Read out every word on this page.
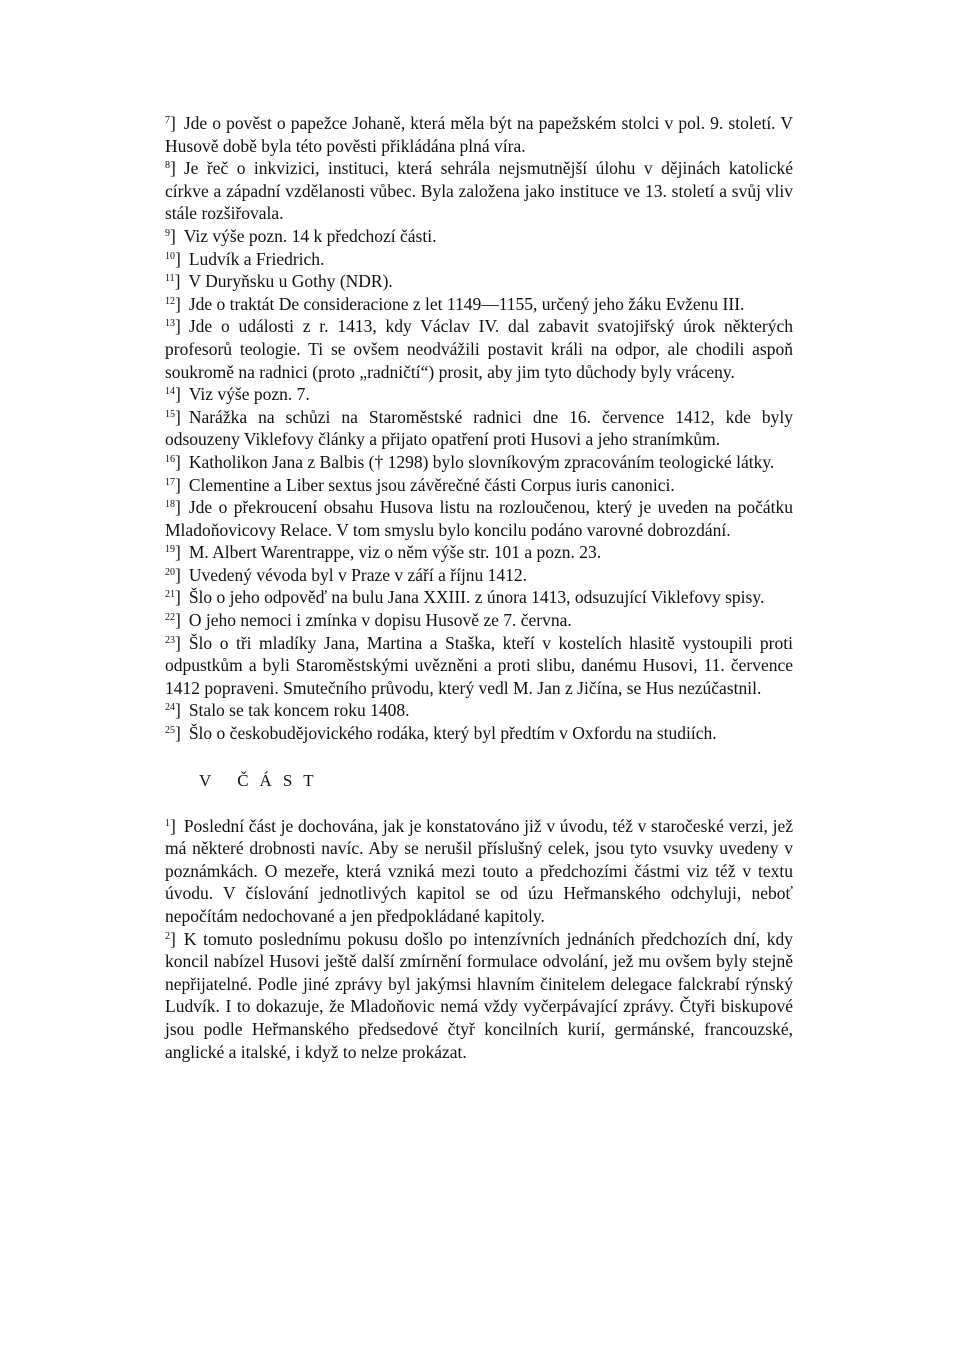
$^7$] Jde o pověst o papežce Johaně, která měla být na papežském stolci v pol. 9. století. V Husově době byla této pověsti přikládána plná víra.

$^8$] Je řeč o inkvizici, instituci, která sehrála nejsmutnější úlohu v dějinách katolické církve a západní vzdělanosti vůbec. Byla založena jako instituce ve 13. století a svůj vliv stále rozšiřovala.

$^9$] Viz výše pozn. 14 k předchozí části.

$^{10}$] Ludvík a Friedrich.

$^{11}$] V Duryňsku u Gothy (NDR).

$^{12}$] Jde o traktát De consideracione z let 1149—1155, určený jeho žáku Evženu III.

$^{13}$] Jde o události z r. 1413, kdy Václav IV. dal zabavit svatojiřský úrok některých profesorů teologie. Ti se ovšem neodvážili postavit králi na odpor, ale chodili aspoň soukromě na radnici (proto „radničtí“) prosit, aby jim tyto důchody byly vráceny.

$^{14}$] Viz výše pozn. 7.

$^{15}$] Narážka na schůzi na Staroměstské radnici dne 16. července 1412, kde byly odsouzeny Viklefovy články a přijato opatření proti Husovi a jeho stranímkům.

$^{16}$] Katholikon Jana z Balbis († 1298) bylo slovníkovým zpracováním teologické látky.

$^{17}$] Clementine a Liber sextus jsou závěrečné části Corpus iuris canonici.

$^{18}$] Jde o překroucení obsahu Husova listu na rozloučenou, který je uveden na počátku Mladoňovicovy Relace. V tom smyslu bylo koncilu podáno varovné dobrozdání.

$^{19}$] M. Albert Warentrappe, viz o něm výše str. 101 a pozn. 23.

$^{20}$] Uvedený vévoda byl v Praze v září a říjnu 1412.

$^{21}$] Šlo o jeho odpověď na bulu Jana XXIII. z února 1413, odsuzující Viklefovy spisy.

$^{22}$] O jeho nemoci i zmínka v dopisu Husově ze 7. června.

$^{23}$] Šlo o tři mladíky Jana, Martina a Staška, kteří v kostelích hlasitě vystoupili proti odpustkům a byli Staroměstskými uvězněni a proti slibu, danému Husovi, 11. července 1412 popraveni. Smutečního průvodu, který vedl M. Jan z Jičína, se Hus nezúčastnil.

$^{24}$] Stalo se tak koncem roku 1408.

$^{25}$] Šlo o českobudějovického rodáka, který byl předtím v Oxfordu na studiích.

V ČÁST

$^1$] Poslední část je dochována, jak je konstatováno již v úvodu, též v staročeské verzi, jež má některé drobnosti navíc. Aby se nerušil příslušný celek, jsou tyto vsuvky uvedeny v poznámkách. O mezeře, která vzniká mezi touto a předchozími částmi viz též v textu úvodu. V číslování jednotlivých kapitol se od úzu Heřmanského odchyluji, neboť nepočítám nedochované a jen předpokládané kapitoly.

$^2$] K tomuto poslednímu pokusu došlo po intenzívních jednáních předchozích dní, kdy koncil nabízel Husovi ještě další zmírnění formulace odvolání, jež mu ovšem byly stejně nepřijatelné. Podle jiné zprávy byl jakýmsi hlavním činitelem delegace falckrabí rýnský Ludvík. I to dokazuje, že Mladoňovic nemá vždy vyčerpávající zprávy. Čtyři biskupové jsou podle Heřmanského předsedové čtyř koncilních kurií, germánské, francouzské, anglické a italské, i když to nelze prokázat.
